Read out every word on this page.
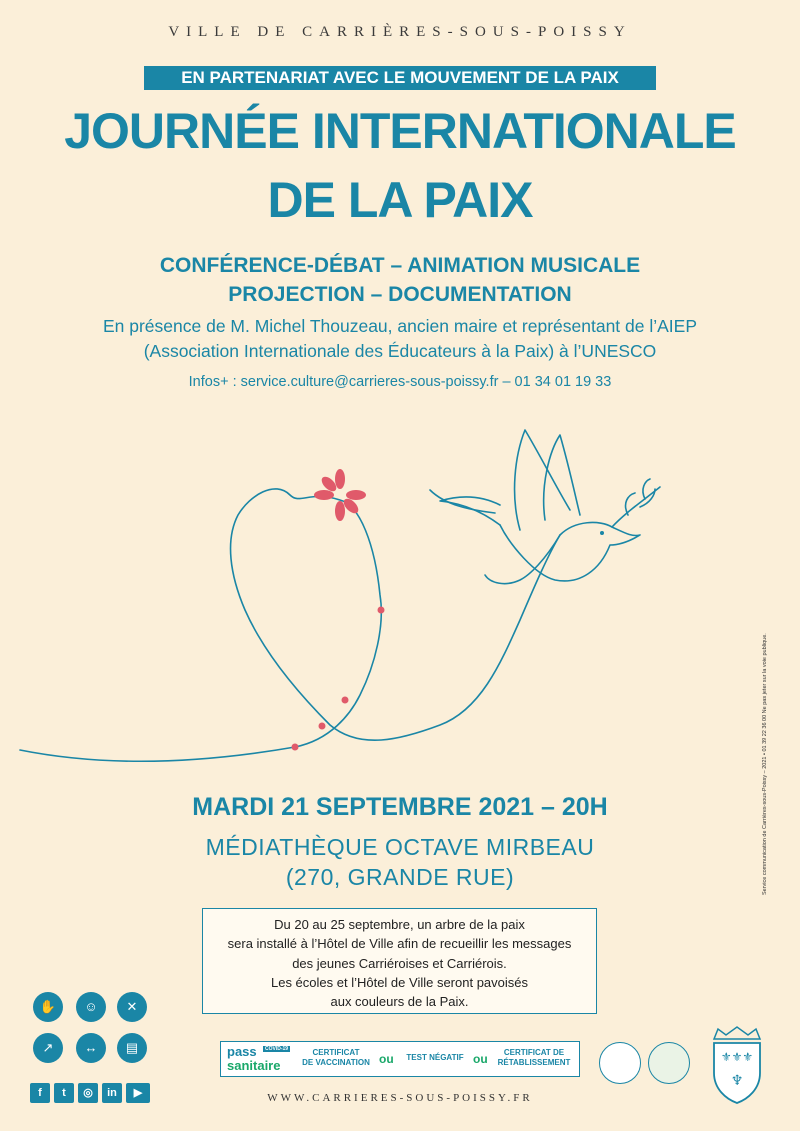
VILLE DE CARRIÈRES-SOUS-POISSY
EN PARTENARIAT AVEC LE MOUVEMENT DE LA PAIX
JOURNÉE INTERNATIONALE
DE LA PAIX
CONFÉRENCE-DÉBAT – ANIMATION MUSICALE
PROJECTION – DOCUMENTATION
En présence de M. Michel Thouzeau, ancien maire et représentant de l’AIEP
(Association Internationale des Éducateurs à la Paix) à l’UNESCO
Infos+ : service.culture@carrieres-sous-poissy.fr – 01 34 01 19 33
MARDI 21 SEPTEMBRE 2021 – 20H
MÉDIATHÈQUE OCTAVE MIRBEAU
(270, GRANDE RUE)
Du 20 au 25 septembre, un arbre de la paix
sera installé à l’Hôtel de Ville afin de recueillir les messages
des jeunes Carriéroises et Carriérois.
Les écoles et l’Hôtel de Ville seront pavoisés
aux couleurs de la Paix.
Service communication de Carrières-sous-Poissy – 2021 • 01 39 22 36 00 Ne pas jeter sur la voie publique.
✋	☺	✕
↗	↔	▤
f	t	◎	in	▶
pass	COVID-19
sanitaire
CERTIFICAT
DE VACCINATION ou	TEST NÉGATIF ou	CERTIFICAT DE
RÉTABLISSEMENT
WWW.CARRIERES-SOUS-POISSY.FR
⚜⚜⚜
♆
